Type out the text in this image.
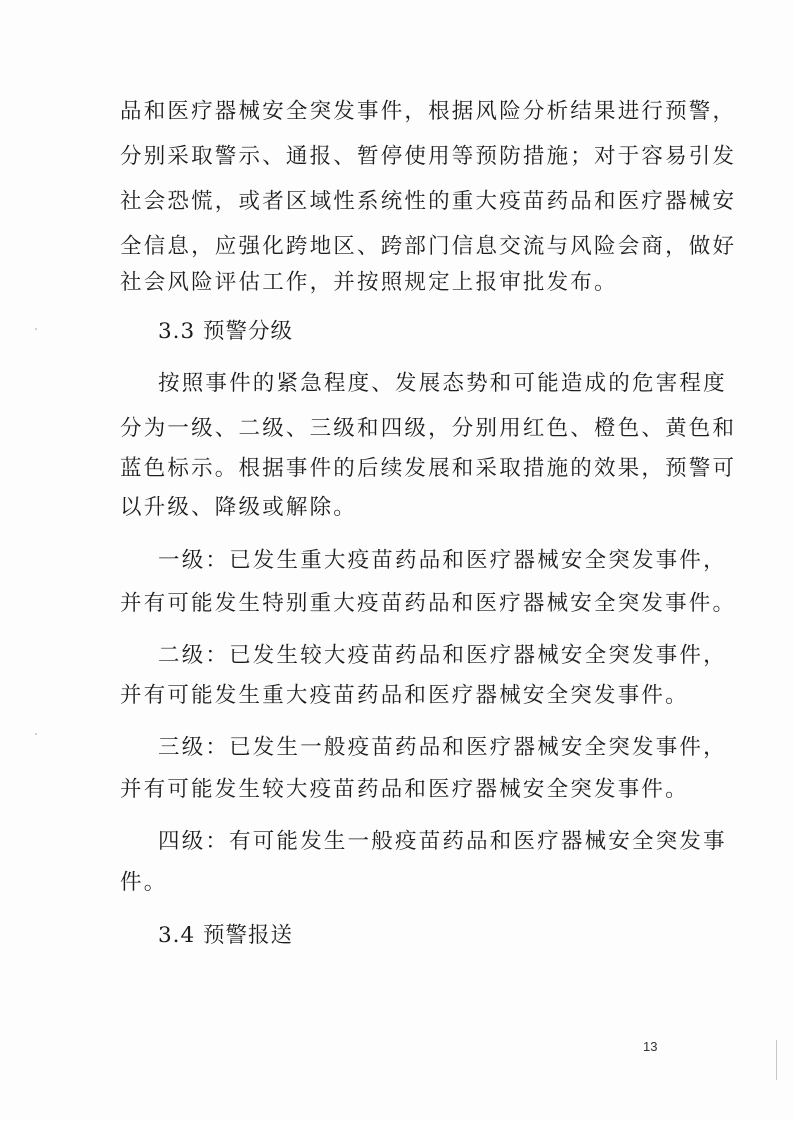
品和医疗器械安全突发事件，根据风险分析结果进行预警，
分别采取警示、通报、暂停使用等预防措施；对于容易引发
社会恐慌，或者区域性系统性的重大疫苗药品和医疗器械安
全信息，应强化跨地区、跨部门信息交流与风险会商，做好
社会风险评估工作，并按照规定上报审批发布。
3.3 预警分级
按照事件的紧急程度、发展态势和可能造成的危害程度
分为一级、二级、三级和四级，分别用红色、橙色、黄色和
蓝色标示。根据事件的后续发展和采取措施的效果，预警可
以升级、降级或解除。
一级：已发生重大疫苗药品和医疗器械安全突发事件，
并有可能发生特别重大疫苗药品和医疗器械安全突发事件。
二级：已发生较大疫苗药品和医疗器械安全突发事件，
并有可能发生重大疫苗药品和医疗器械安全突发事件。
三级：已发生一般疫苗药品和医疗器械安全突发事件，
并有可能发生较大疫苗药品和医疗器械安全突发事件。
四级：有可能发生一般疫苗药品和医疗器械安全突发事
件。
3.4 预警报送
13
